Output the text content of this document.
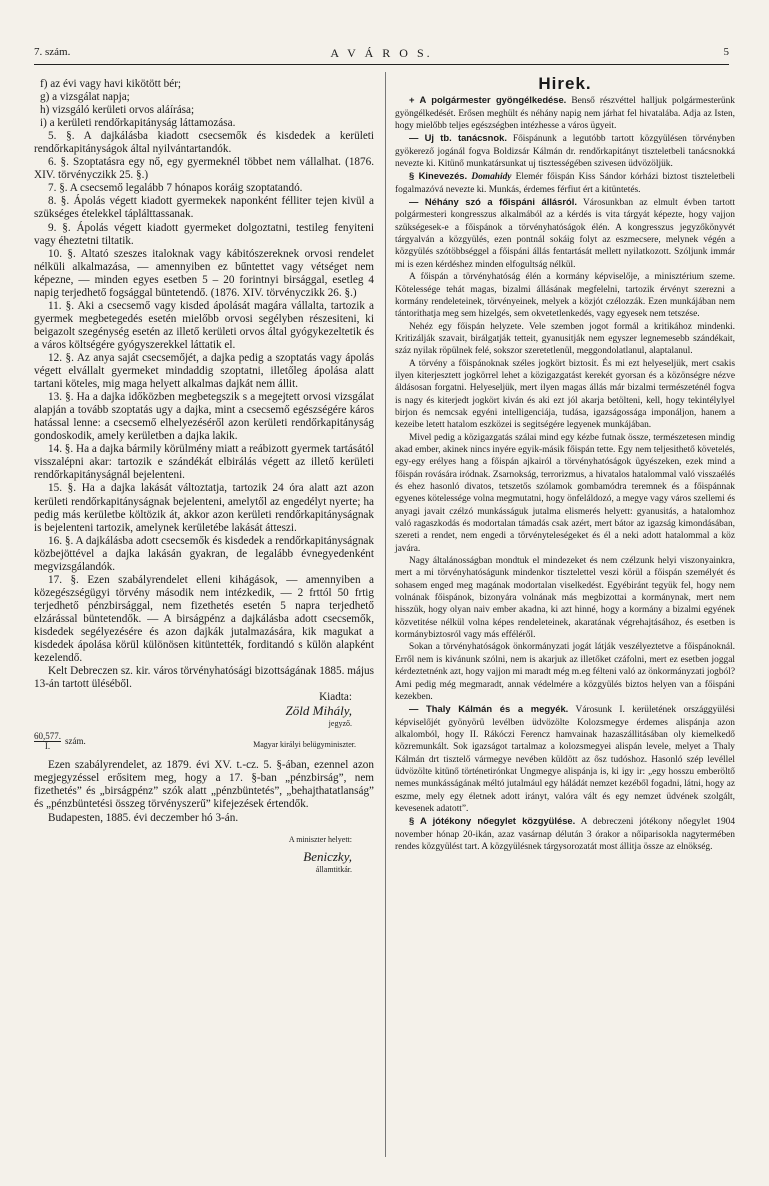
7. szám.	A V Á R O S.	5

f) az évi vagy havi kikötött bér;

g) a vizsgálat napja;

h) vizsgáló kerületi orvos aláírása;

i) a kerületi rendőrkapitányság láttamozása.

5. §. A dajkálásba kiadott csecsemők és kisdedek a kerületi rendőrkapitányságok által nyilvántartandók.

6. §. Szoptatásra egy nő, egy gyermeknél többet nem vállalhat. (1876. XIV. törvényczikk 25. §.)

7. §. A csecsemő legalább 7 hónapos koráig szoptatandó.

8. §. Ápolás végett kiadott gyermekek naponként félliter tejen kivül a szükséges ételekkel táplálttassanak.

9. §. Ápolás végett kiadott gyermeket dolgoztatni, testileg fenyiteni vagy éheztetni tiltatik.

10. §. Altató szeszes italoknak vagy kábitószereknek orvosi rendelet nélküli alkalmazása, — amennyiben ez bűntettet vagy vétséget nem képezne, — minden egyes esetben 5 – 20 forintnyi birsággal, esetleg 4 napig terjedhető fogsággal büntetendő. (1876. XIV. törvényczikk 26. §.)

11. §. Aki a csecsemő vagy kisded ápolását magára vállalta, tartozik a gyermek megbetegedés esetén mielőbb orvosi segélyben részesiteni, ki beigazolt szegénység esetén az illető kerületi orvos által gyógykezeltetik és a város költségére gyógyszerekkel láttatik el.

12. §. Az anya saját csecsemőjét, a dajka pedig a szoptatás vagy ápolás végett elvállalt gyermeket mindaddig szoptatni, illetőleg ápolása alatt tartani köteles, mig maga helyett alkalmas dajkát nem állit.

13. §. Ha a dajka időközben megbetegszik s a megejtett orvosi vizsgálat alapján a tovább szoptatás ugy a dajka, mint a csecsemő egészségére káros hatással lenne: a csecsemő elhelyezéséről azon kerületi rendőrkapitányság gondoskodik, amely kerületben a dajka lakik.

14. §. Ha a dajka bármily körülmény miatt a reábizott gyermek tartásától visszalépni akar: tartozik e szándékát elbirálás végett az illető kerületi rendőrkapitányságnál bejelenteni.

15. §. Ha a dajka lakását változtatja, tartozik 24 óra alatt azt azon kerületi rendőrkapitányságnak bejelenteni, amelytől az engedélyt nyerte; ha pedig más kerületbe költözik át, akkor azon kerületi rendőrkapitányságnak is bejelenteni tartozik, amelynek kerületébe lakását átteszi.

16. §. A dajkálásba adott csecsemők és kisdedek a rendőrkapitányságnak közbejöttével a dajka lakásán gyakran, de legalább évnegyedenként megvizsgálandók.

17. §. Ezen szabályrendelet elleni kihágások, — amennyiben a közegészségügyi törvény második nem intézkedik, — 2 frttól 50 frtig terjedhető pénzbirsággal, nem fizethetés esetén 5 napra terjedhető elzárással büntetendők. — A birságpénz a dajkálásba adott csecsemők, kisdedek segélyezésére és azon dajkák jutalmazására, kik magukat a kisdedek ápolása körül különösen kitüntették, forditandó s külön alapként kezelendő.

Kelt Debreczen sz. kir. város törvényhatósági bizottságának 1885. május 13-án tartott üléséből.

Kiadta:
Zöld Mihály,
jegyző.
$\frac{60,577.}{I.}$ szám.	Magyar királyi belügyminiszter.

Ezen szabályrendelet, az 1879. évi XV. t.-cz. 5. §-ában, ezennel azon megjegyzéssel erősitem meg, hogy a 17. §-ban „pénzbirság”, nem fizethetés” és „birságpénz” szók alatt „pénzbüntetés”, „behajthatatlanság” és „pénzbüntetési összeg törvényszerű” kifejezések értendők.

Budapesten, 1885. évi deczember hó 3-án.

A miniszter helyett:
Beniczky,
államtitkár.
Hirek.

+ A polgármester gyöngélkedése. Benső részvéttel halljuk polgármesterünk gyöngélkedését. Erősen meghült és néhány napig nem járhat fel hivatalába. Adja az Isten, hogy mielőbb teljes egészségben intézhesse a város ügyeit.

— Uj tb. tanácsnok. Főispánunk a legutóbb tartott közgyülésen törvényben gyökerező jogánál fogva Boldizsár Kálmán dr. rendőrkapitányt tiszteletbeli tanácsnokká nevezte ki. Kitünő munkatársunkat uj tisztességében szivesen üdvözöljük.

§ Kinevezés. Domahidy Elemér főispán Kiss Sándor kórházi biztost tiszteletbeli fogalmazóvá nevezte ki. Munkás, érdemes férfiut ért a kitüntetés.

— Néhány szó a főispáni állásról. Városunkban az elmult évben tartott polgármesteri kongresszus alkalmából az a kérdés is vita tárgyát képezte, hogy vajjon szükségesek-e a főispánok a törvényhatóságok élén. A kongresszus jegyzőkönyvét tárgyalván a közgyülés, ezen pontnál sokáig folyt az eszmecsere, melynek végén a közgyülés szótöbbséggel a főispáni állás fentartását mellett nyilatkozott. Szóljunk immár mi is ezen kérdéshez minden elfogultság nélkül.

A főispán a törvényhatóság élén a kormány képviselője, a minisztérium szeme. Kötelessége tehát magas, bizalmi állásának megfelelni, tartozik érvényt szerezni a kormány rendeleteinek, törvényeinek, melyek a közjót czélozzák. Ezen munkájában nem tántorithatja meg sem hizelgés, sem okvetetlenkedés, vagy egyesek nem tetszése.

Nehéz egy főispán helyzete. Vele szemben jogot formál a kritikához mindenki. Kritizálják szavait, birálgatják tetteit, gyanusitják nem egyszer legnemesebb szándékait, száz nyilak röpülnek felé, sokszor szeretetlenül, meggondolatlanul, alaptalanul.

A törvény a főispánoknak széles jogkört biztosit. És mi ezt helyeseljük, mert csakis ilyen kiterjesztett jogkörrel lehet a közigazgatást kerekét gyorsan és a közönségre nézve áldásosan forgatni. Helyeseljük, mert ilyen magas állás már bizalmi természeténél fogva is nagy és kiterjedt jogkört kiván és aki ezt jól akarja betölteni, kell, hogy tekintélylyel birjon és nemcsak egyéni intelligenciája, tudása, igazságossága imponáljon, hanem a kezeibe letett hatalom eszközei is segitségére legyenek munkájában.

Mivel pedig a közigazgatás szálai mind egy kézbe futnak össze, természetesen mindig akad ember, akinek nincs inyére egyik-másik főispán tette. Egy nem teljesithető követelés, egy-egy erélyes hang a főispán ajkairól a törvényhatóságok ügyészeken, ezek mind a főispán rovására iródnak. Zsarnokság, terrorizmus, a hivatalos hatalommal való visszaélés és ehez hasonló divatos, tetszetős szólamok gombamódra teremnek és a főispánnak egyenes kötelessége volna megmutatni, hogy önfeláldozó, a megye vagy város szellemi és anyagi javait czélzó munkásságuk jutalma elismerés helyett: gyanusitás, a hatalomhoz való ragaszkodás és modortalan támadás csak azért, mert bátor az igazság kimondásában, szereti a rendet, nem engedi a törvényteleségeket és él a neki adott hatalommal a köz javára.

Nagy általánosságban mondtuk el mindezeket és nem czélzunk helyi viszonyainkra, mert a mi törvényhatóságunk mindenkor tisztelettel veszi körül a főispán személyét és sohasem enged meg magának modortalan viselkedést. Egyébiránt tegyük fel, hogy nem volnának főispánok, bizonyára volnának más megbizottai a kormánynak, mert nem hisszük, hogy olyan naiv ember akadna, ki azt hinné, hogy a kormány a bizalmi egyének közvetitése nélkül volna képes rendeleteinek, akaratának végrehajtásához, és esetben is kormánybiztosról vagy más efféléről.

Sokan a törvényhatóságok önkormányzati jogát látják veszélyeztetve a főispánoknál. Erről nem is kivánunk szólni, nem is akarjuk az illetőket czáfolni, mert ez esetben joggal kérdeztetnénk azt, hogy vajjon mi maradt még m.eg félteni való az önkormányzati jogból? Ami pedig még megmaradt, annak védelmére a közgyülés biztos helyen van a főispáni kezekben.

— Thaly Kálmán és a megyék. Városunk I. kerületének országgyülési képviselőjét gyönyörü levélben üdvözölte Kolozsmegye érdemes alispánja azon alkalomból, hogy II. Rákóczi Ferencz hamvainak hazaszállitásában oly kiemelkedő közremunkált. Sok igazságot tartalmaz a kolozsmegyei alispán levele, melyet a Thaly Kálmán drt tisztelő vármegye nevében küldött az ősz tudóshoz. Hasonló szép levéllel üdvözölte kitünő történetirónkat Ungmegye alispánja is, ki igy ir: „egy hosszu emberöltő nemes munkásságának méltó jutalmául egy háládát nemzet kezéből fogadni, látni, hogy az eszme, mely egy életnek adott irányt, valóra vált és egy nemzet üdvének szolgált, kevesenek adatott”.

§ A jótékony nőegylet közgyülése. A debreczeni jótékony nőegylet 1904 november hónap 20-ikán, azaz vasárnap délután 3 órakor a nőiparisokla nagytermében rendes közgyülést tart. A közgyülésnek tárgysorozatát most állitja össze az elnökség.
